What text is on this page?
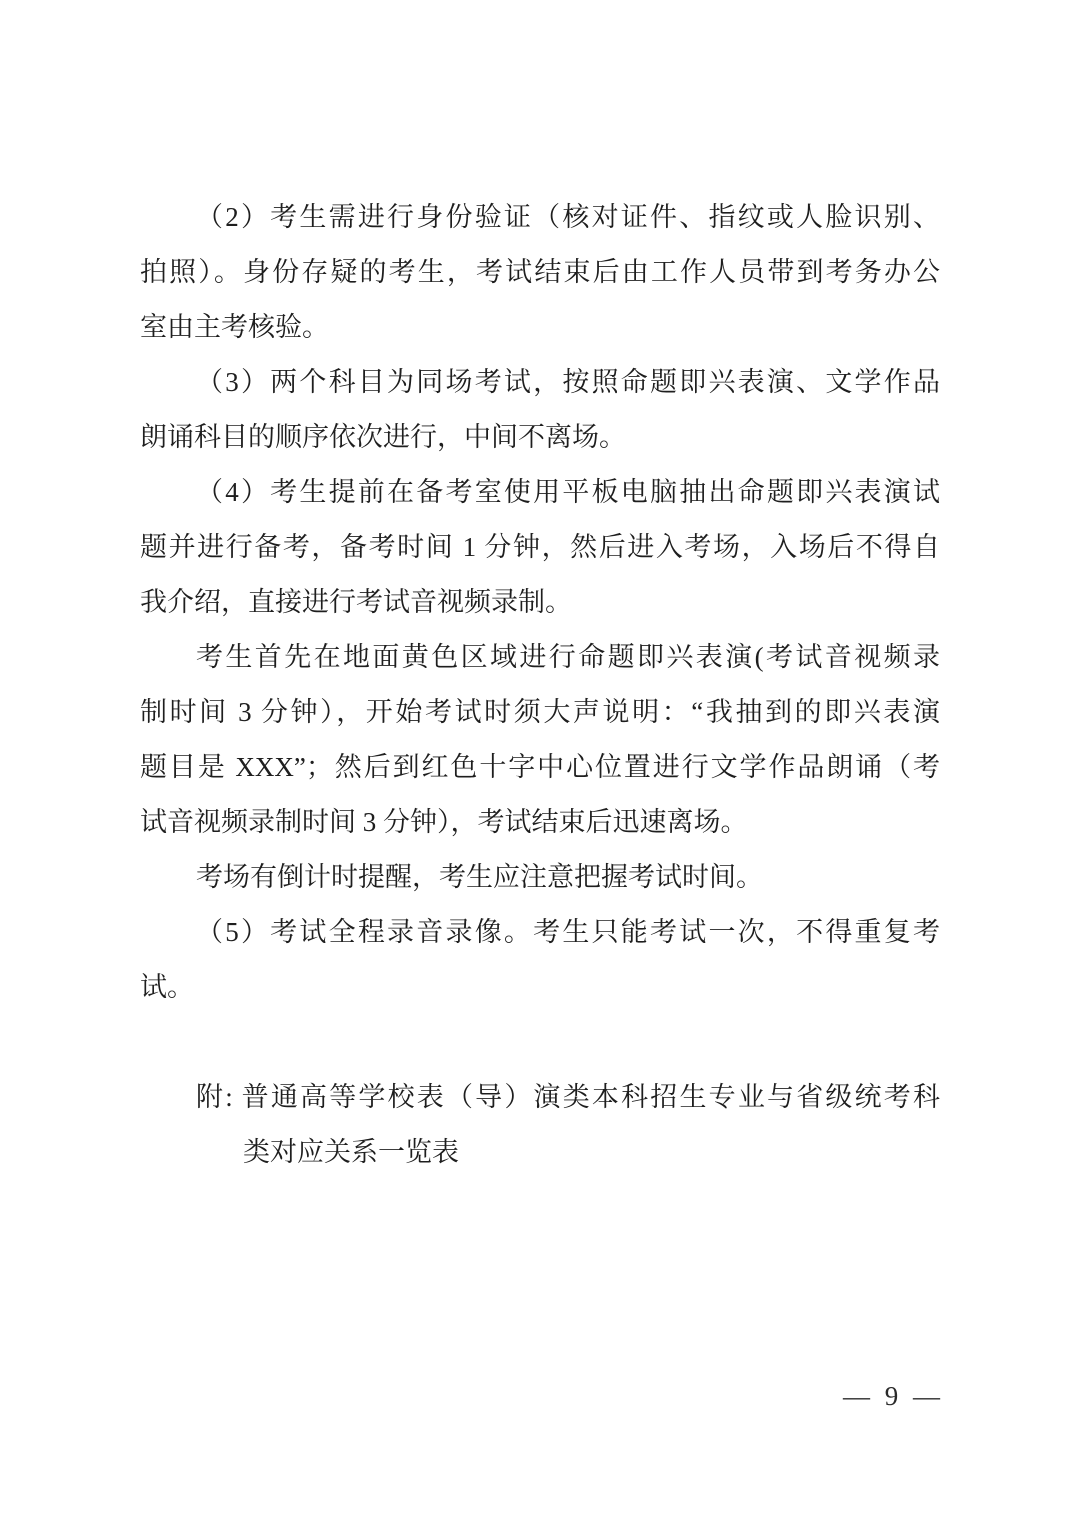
（2）考生需进行身份验证（核对证件、指纹或人脸识别、
拍照）。身份存疑的考生，考试结束后由工作人员带到考务办公
室由主考核验。
（3）两个科目为同场考试，按照命题即兴表演、文学作品
朗诵科目的顺序依次进行，中间不离场。
（4）考生提前在备考室使用平板电脑抽出命题即兴表演试
题并进行备考，备考时间 1 分钟，然后进入考场，入场后不得自
我介绍，直接进行考试音视频录制。
考生首先在地面黄色区域进行命题即兴表演(考试音视频录
制时间 3 分钟），开始考试时须大声说明：“我抽到的即兴表演
题目是 XXX”；然后到红色十字中心位置进行文学作品朗诵（考
试音视频录制时间 3 分钟），考试结束后迅速离场。
考场有倒计时提醒，考生应注意把握考试时间。
（5）考试全程录音录像。考生只能考试一次，不得重复考
试。
附: 普通高等学校表（导）演类本科招生专业与省级统考科
类对应关系一览表
— 9 —
